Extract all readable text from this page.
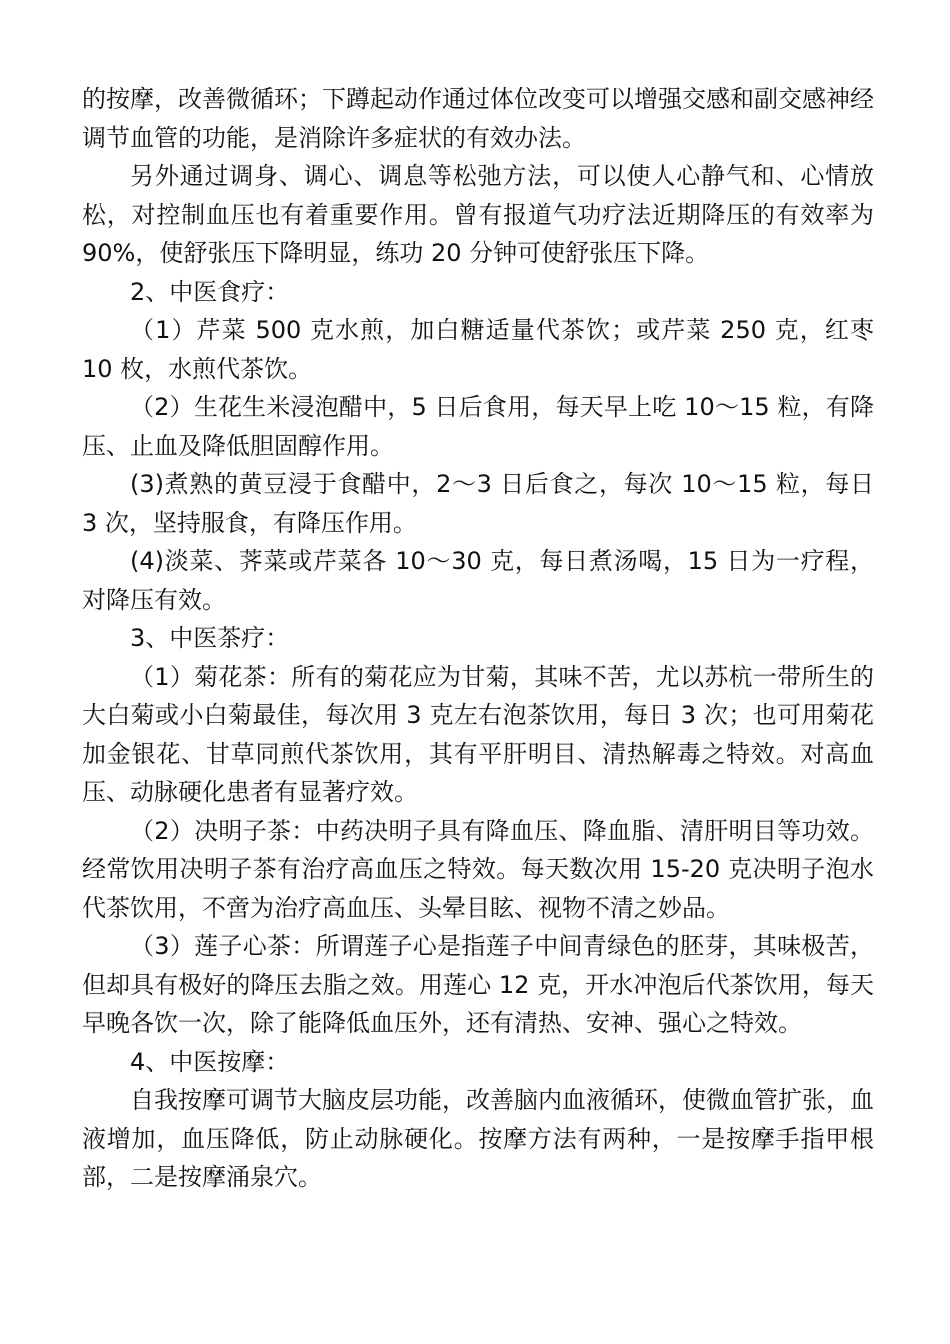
的按摩，改善微循环；下蹲起动作通过体位改变可以增强交感和副交感神经调节血管的功能，是消除许多症状的有效办法。

另外通过调身、调心、调息等松弛方法，可以使人心静气和、心情放松，对控制血压也有着重要作用。曾有报道气功疗法近期降压的有效率为 90%，使舒张压下降明显，练功 20 分钟可使舒张压下降。

2、中医食疗：

（1）芹菜 500 克水煎，加白糖适量代茶饮；或芹菜 250 克，红枣 10 枚，水煎代茶饮。

（2）生花生米浸泡醋中，5 日后食用，每天早上吃 10～15 粒，有降压、止血及降低胆固醇作用。

(3)煮熟的黄豆浸于食醋中，2～3 日后食之，每次 10～15 粒，每日 3 次，坚持服食，有降压作用。

(4)淡菜、荠菜或芹菜各 10～30 克，每日煮汤喝，15 日为一疗程，对降压有效。

3、中医茶疗：

（1）菊花茶：所有的菊花应为甘菊，其味不苦，尤以苏杭一带所生的大白菊或小白菊最佳，每次用 3 克左右泡茶饮用，每日 3 次；也可用菊花加金银花、甘草同煎代茶饮用，其有平肝明目、清热解毒之特效。对高血压、动脉硬化患者有显著疗效。

（2）决明子茶：中药决明子具有降血压、降血脂、清肝明目等功效。经常饮用决明子茶有治疗高血压之特效。每天数次用 15-20 克决明子泡水代茶饮用，不啻为治疗高血压、头晕目眩、视物不清之妙品。

（3）莲子心茶：所谓莲子心是指莲子中间青绿色的胚芽，其味极苦，但却具有极好的降压去脂之效。用莲心 12 克，开水冲泡后代茶饮用，每天早晚各饮一次，除了能降低血压外，还有清热、安神、强心之特效。

4、中医按摩：

自我按摩可调节大脑皮层功能，改善脑内血液循环，使微血管扩张，血液增加，血压降低，防止动脉硬化。按摩方法有两种，一是按摩手指甲根部，二是按摩涌泉穴。
